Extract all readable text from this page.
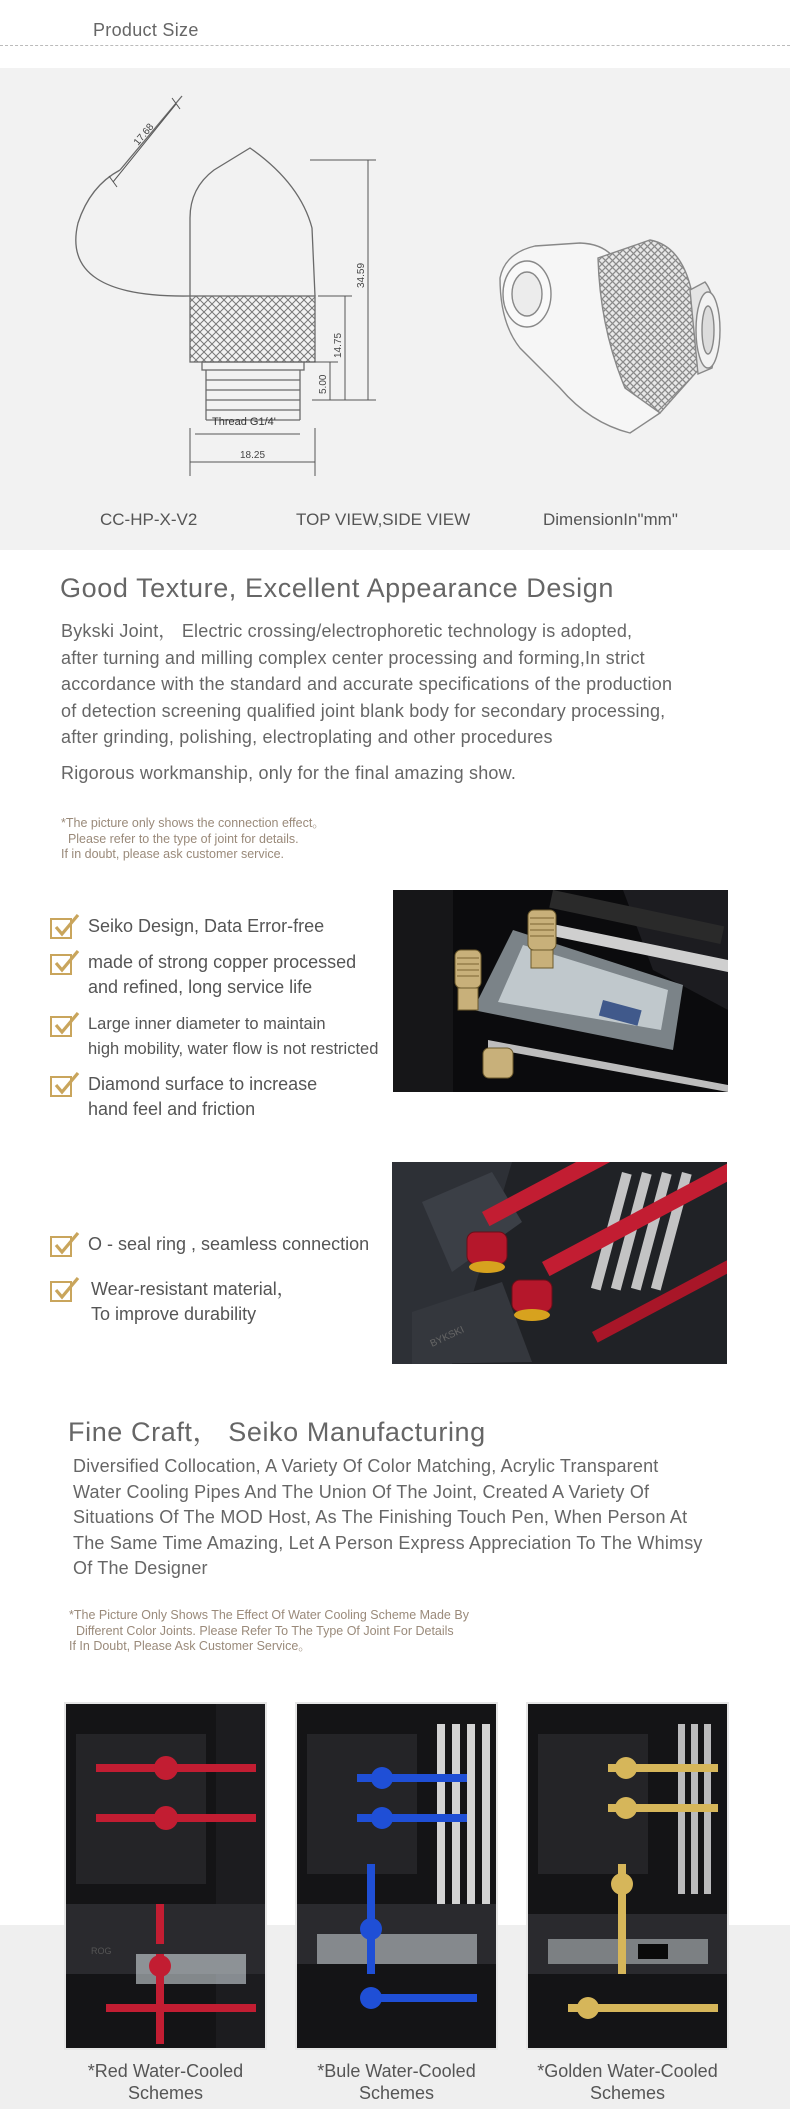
Product Size
17.68
34.59
14.75
5.00
Thread G1/4'
18.25
CC-HP-X-V2	TOP VIEW,SIDE VIEW	DimensionIn"mm"
Good Texture, Excellent Appearance Design
Bykski Joint， Electric crossing/electrophoretic technology is adopted,
after turning and milling complex center processing and forming,In strict
accordance with the standard and accurate specifications of the production
of detection screening qualified joint blank body for secondary processing,
after grinding, polishing, electroplating and other procedures
Rigorous workmanship, only for the final amazing show.
*The picture only shows the connection effect。
Please refer to the type of joint for details.
If in doubt, please ask customer service.
Seiko Design, Data Error-free
made of strong copper processed
and refined, long service life
Large inner diameter to maintain
high mobility, water flow is not restricted
Diamond surface to increase
hand feel and friction
O - seal ring , seamless connection
Wear-resistant material，
To improve durability
BYKSKI
Fine Craft， Seiko Manufacturing
Diversified Collocation, A Variety Of Color Matching, Acrylic Transparent
Water Cooling Pipes And The Union Of The Joint, Created A Variety Of
Situations Of The MOD Host, As The Finishing Touch Pen, When Person At
The Same Time Amazing, Let A Person Express Appreciation To The Whimsy
Of The Designer
*The Picture Only Shows The Effect Of Water Cooling Scheme Made By
Different Color Joints. Please Refer To The Type Of Joint For Details
If In Doubt, Please Ask Customer Service。
ROG
*Red Water-Cooled
Schemes
*Bule Water-Cooled
Schemes
*Golden Water-Cooled
Schemes
